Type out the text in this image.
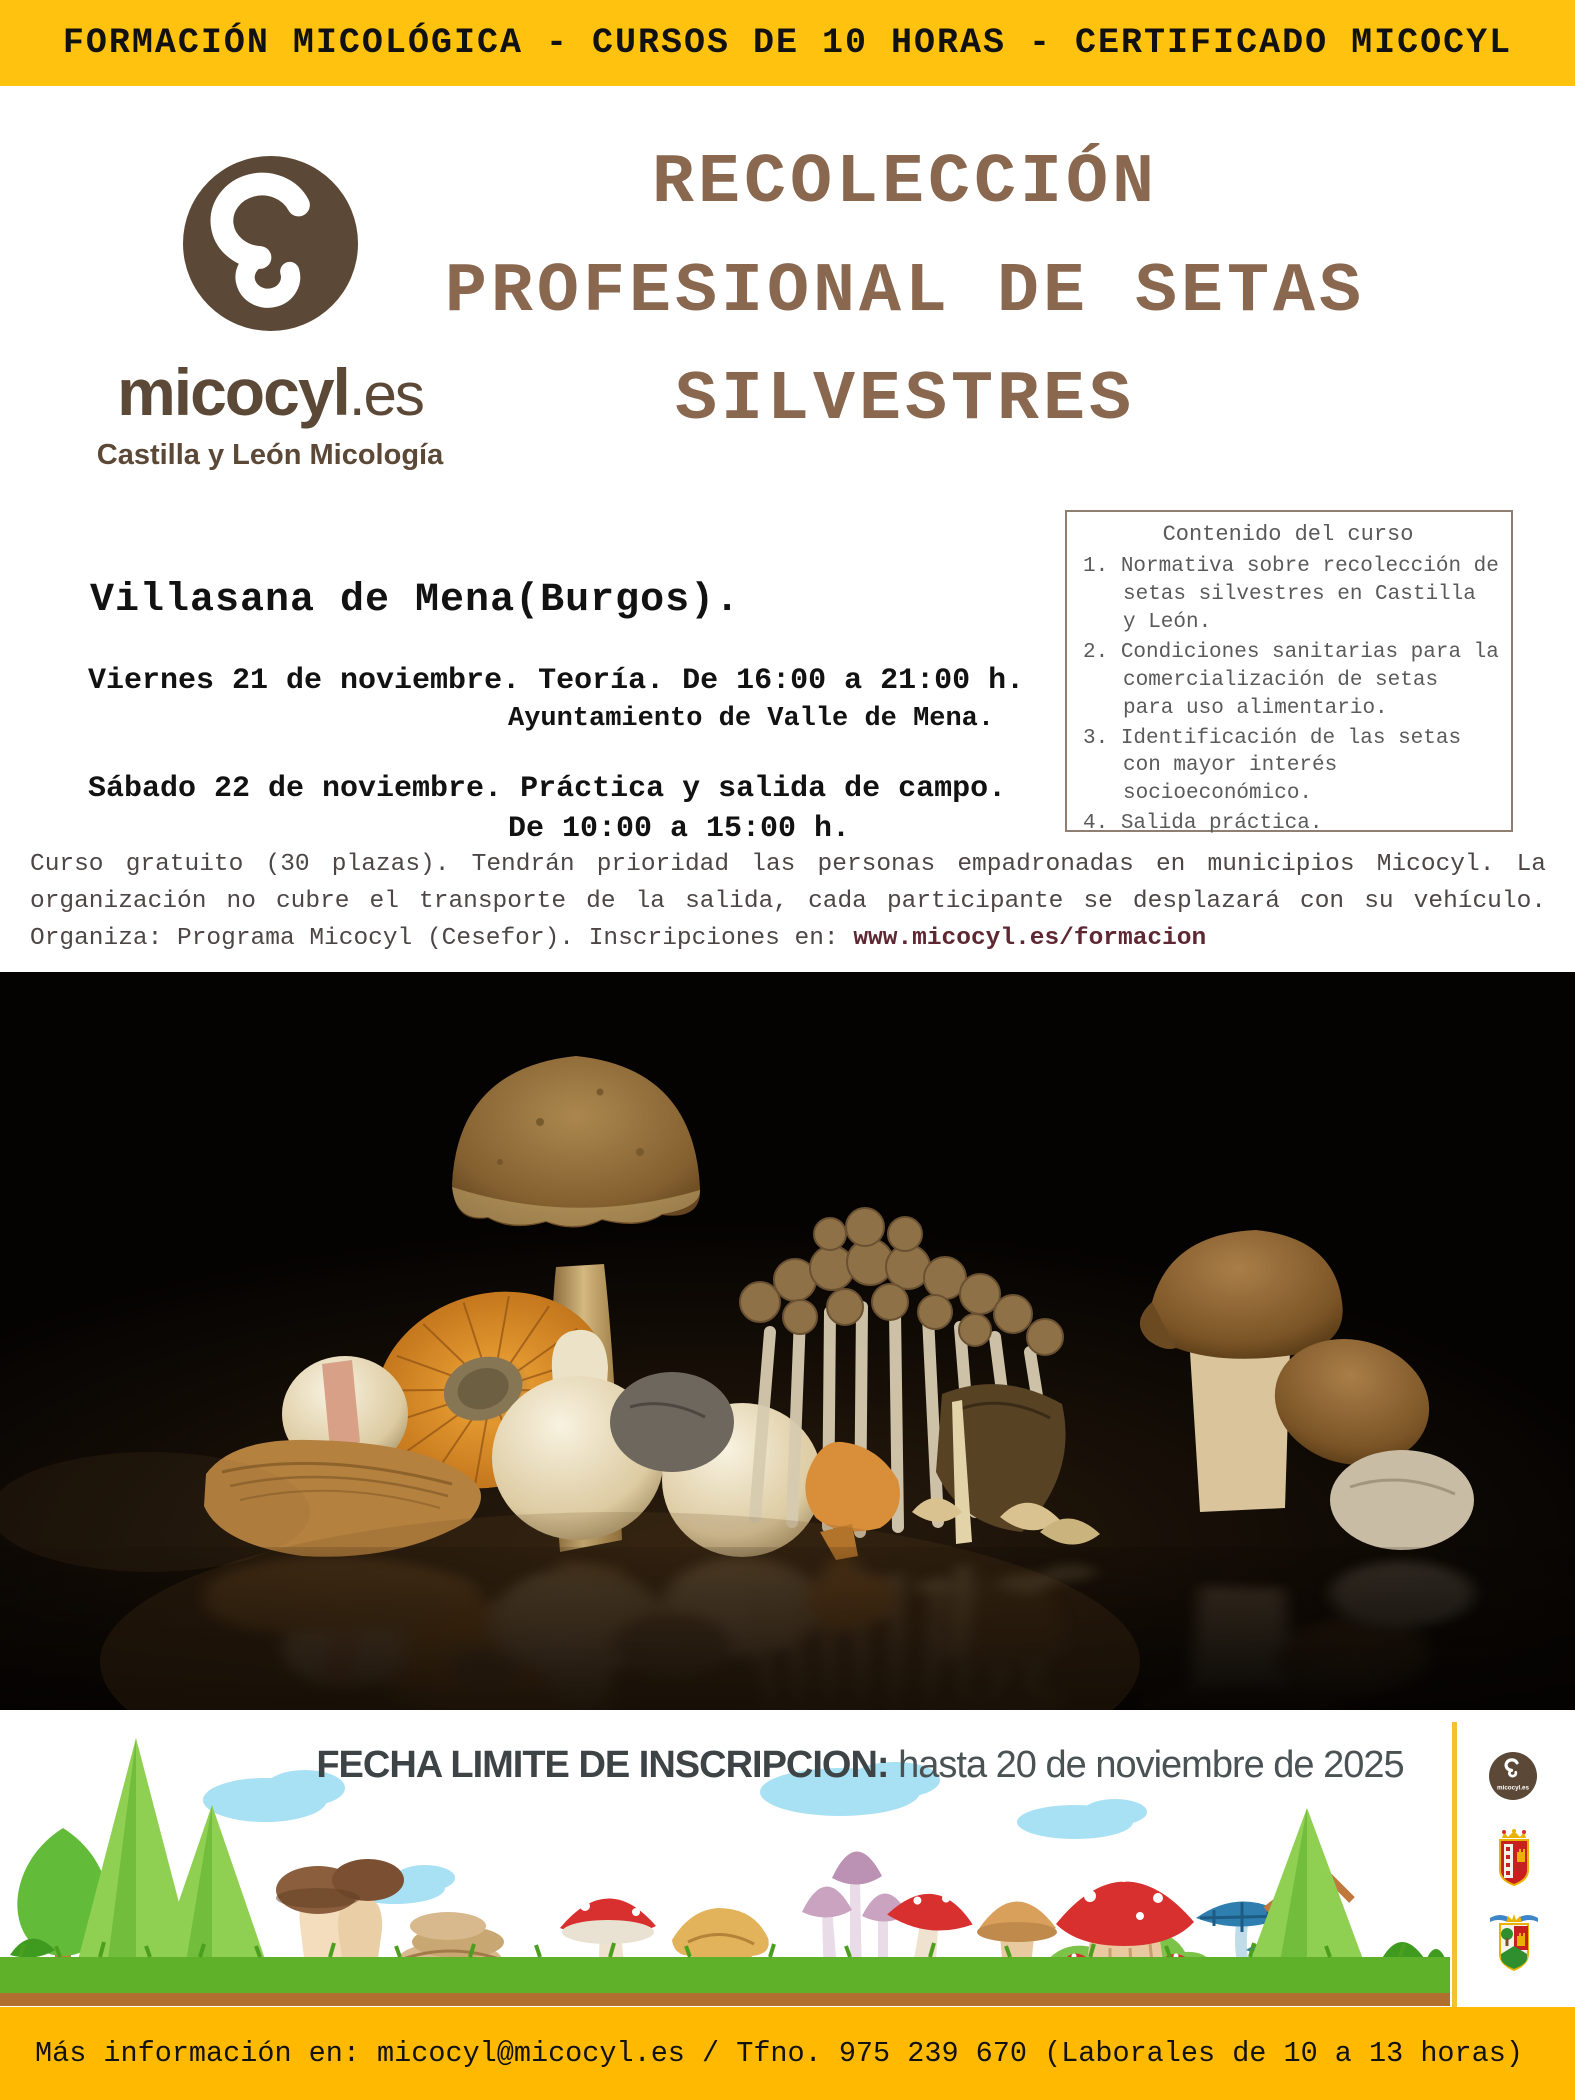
FORMACIÓN MICOLÓGICA - CURSOS DE 10 HORAS - CERTIFICADO MICOCYL
micocyl.es
Castilla y León Micología
RECOLECCIÓN
PROFESIONAL DE SETAS
SILVESTRES
Villasana de Mena(Burgos).
Viernes 21 de noviembre. Teoría. De 16:00 a 21:00 h.
Ayuntamiento de Valle de Mena.
Sábado 22 de noviembre. Práctica y salida de campo.
De 10:00 a 15:00 h.
Contenido del curso
Normativa sobre recolección de setas silvestres en Castilla y León.
Condiciones sanitarias para la comercialización de setas para uso alimentario.
Identificación de las setas con mayor interés socioeconómico.
Salida práctica.
Curso gratuito (30 plazas). Tendrán prioridad las personas empadronadas en municipios Micocyl. La organización no cubre el transporte de la salida, cada participante se desplazará con su vehículo. Organiza: Programa Micocyl (Cesefor). Inscripciones en: www.micocyl.es/formacion
FECHA LIMITE DE INSCRIPCION: hasta 20 de noviembre de 2025
micocyl.es
Más información en: micocyl@micocyl.es / Tfno. 975 239 670 (Laborales de 10 a 13 horas)
